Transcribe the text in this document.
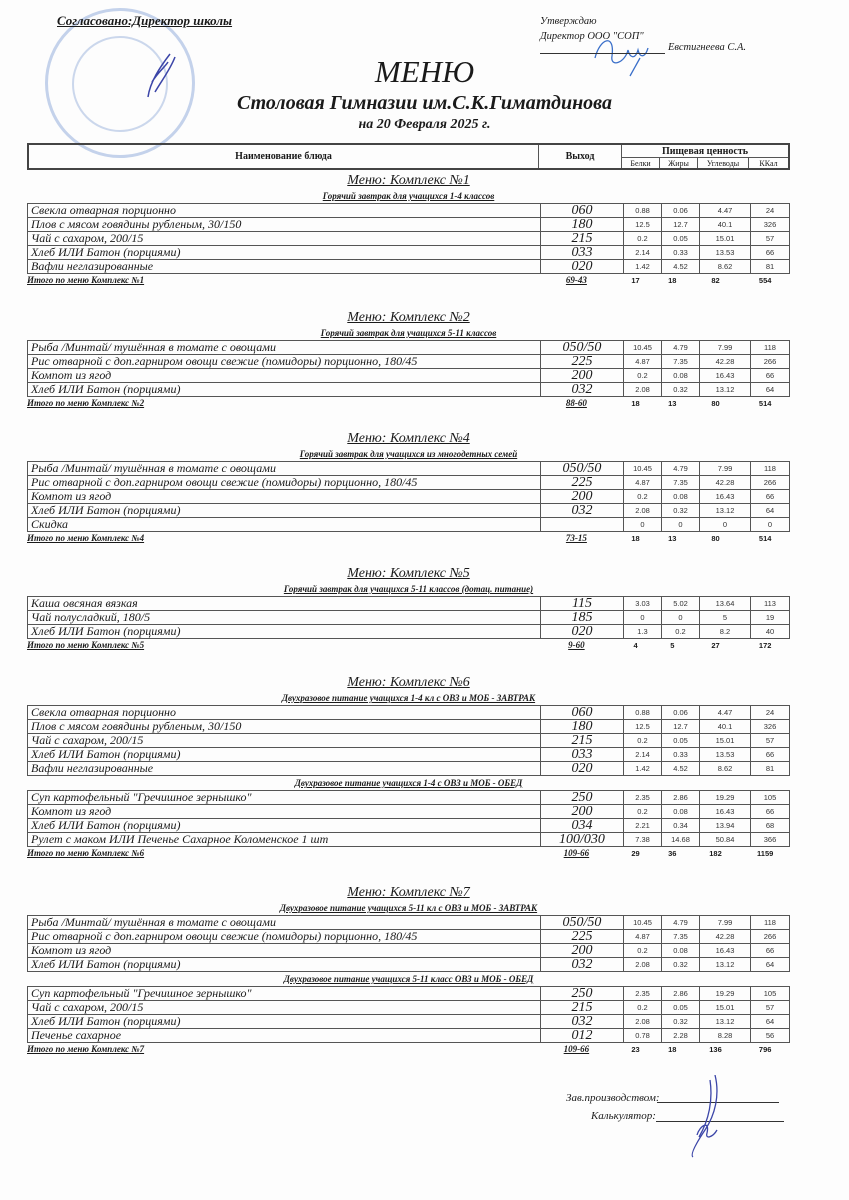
Согласовано:Директор школы	Утверждаю
Директор ООО "СОП"
Евстигнеева С.А.
МЕНЮ
Столовая Гимназии им.С.К.Гиматдинова
на 20 Февраля 2025 г.
Наименование блюда	Выход	Пищевая ценность			
		Белки	Жиры	Углеводы	ККал
Меню: Комплекс №1
Горячий завтрак для учащихся 1-4 классов
Свекла отварная порционно	060	0.88	0.06	4.47	24
Плов с мясом говядины рубленым, 30/150	180	12.5	12.7	40.1	326
Чай с сахаром, 200/15	215	0.2	0.05	15.01	57
Хлеб ИЛИ Батон (порциями)	033	2.14	0.33	13.53	66
Вафли неглазированные	020	1.42	4.52	8.62	81
Итого по меню Комплекс №1	69-43	17	18	82	554
Меню: Комплекс №2
Горячий завтрак для учащихся 5-11 классов
Рыба /Минтай/ тушённая в томате с овощами	050/50	10.45	4.79	7.99	118
Рис отварной с доп.гарниром овощи свежие (помидоры) порционно, 180/45	225	4.87	7.35	42.28	266
Компот из ягод	200	0.2	0.08	16.43	66
Хлеб ИЛИ Батон (порциями)	032	2.08	0.32	13.12	64
Итого по меню Комплекс №2	88-60	18	13	80	514
Меню: Комплекс №4
Горячий завтрак для учащихся из многодетных семей
Рыба /Минтай/ тушённая в томате с овощами	050/50	10.45	4.79	7.99	118
Рис отварной с доп.гарниром овощи свежие (помидоры) порционно, 180/45	225	4.87	7.35	42.28	266
Компот из ягод	200	0.2	0.08	16.43	66
Хлеб ИЛИ Батон (порциями)	032	2.08	0.32	13.12	64
Скидка		0	0	0	0
Итого по меню Комплекс №4	73-15	18	13	80	514
Меню: Комплекс №5
Горячий завтрак для учащихся 5-11 классов (дотац. питание)
Каша овсяная вязкая	115	3.03	5.02	13.64	113
Чай полусладкий, 180/5	185	0	0	5	19
Хлеб ИЛИ Батон (порциями)	020	1.3	0.2	8.2	40
Итого по меню Комплекс №5	9-60	4	5	27	172
Меню: Комплекс №6
Двухразовое питание учащихся 1-4 кл с ОВЗ и МОБ - ЗАВТРАК
Свекла отварная порционно	060	0.88	0.06	4.47	24
Плов с мясом говядины рубленым, 30/150	180	12.5	12.7	40.1	326
Чай с сахаром, 200/15	215	0.2	0.05	15.01	57
Хлеб ИЛИ Батон (порциями)	033	2.14	0.33	13.53	66
Вафли неглазированные	020	1.42	4.52	8.62	81
Двухразовое питание учащихся 1-4 с ОВЗ и МОБ - ОБЕД
Суп картофельный "Гречишное зернышко"	250	2.35	2.86	19.29	105
Компот из ягод	200	0.2	0.08	16.43	66
Хлеб ИЛИ Батон (порциями)	034	2.21	0.34	13.94	68
Рулет с маком ИЛИ Печенье Сахарное Коломенское 1 шт	100/030	7.38	14.68	50.84	366
Итого по меню Комплекс №6	109-66	29	36	182	1159
Меню: Комплекс №7
Двухразовое питание учащихся 5-11 кл с ОВЗ и МОБ - ЗАВТРАК
Рыба /Минтай/ тушённая в томате с овощами	050/50	10.45	4.79	7.99	118
Рис отварной с доп.гарниром овощи свежие (помидоры) порционно, 180/45	225	4.87	7.35	42.28	266
Компот из ягод	200	0.2	0.08	16.43	66
Хлеб ИЛИ Батон (порциями)	032	2.08	0.32	13.12	64
Двухразовое питание учащихся 5-11 класс ОВЗ и МОБ - ОБЕД
Суп картофельный "Гречишное зернышко"	250	2.35	2.86	19.29	105
Чай с сахаром, 200/15	215	0.2	0.05	15.01	57
Хлеб ИЛИ Батон (порциями)	032	2.08	0.32	13.12	64
Печенье сахарное	012	0.78	2.28	8.28	56
Итого по меню Комплекс №7	109-66	23	18	136	796
Зав.производством:
Калькулятор:
